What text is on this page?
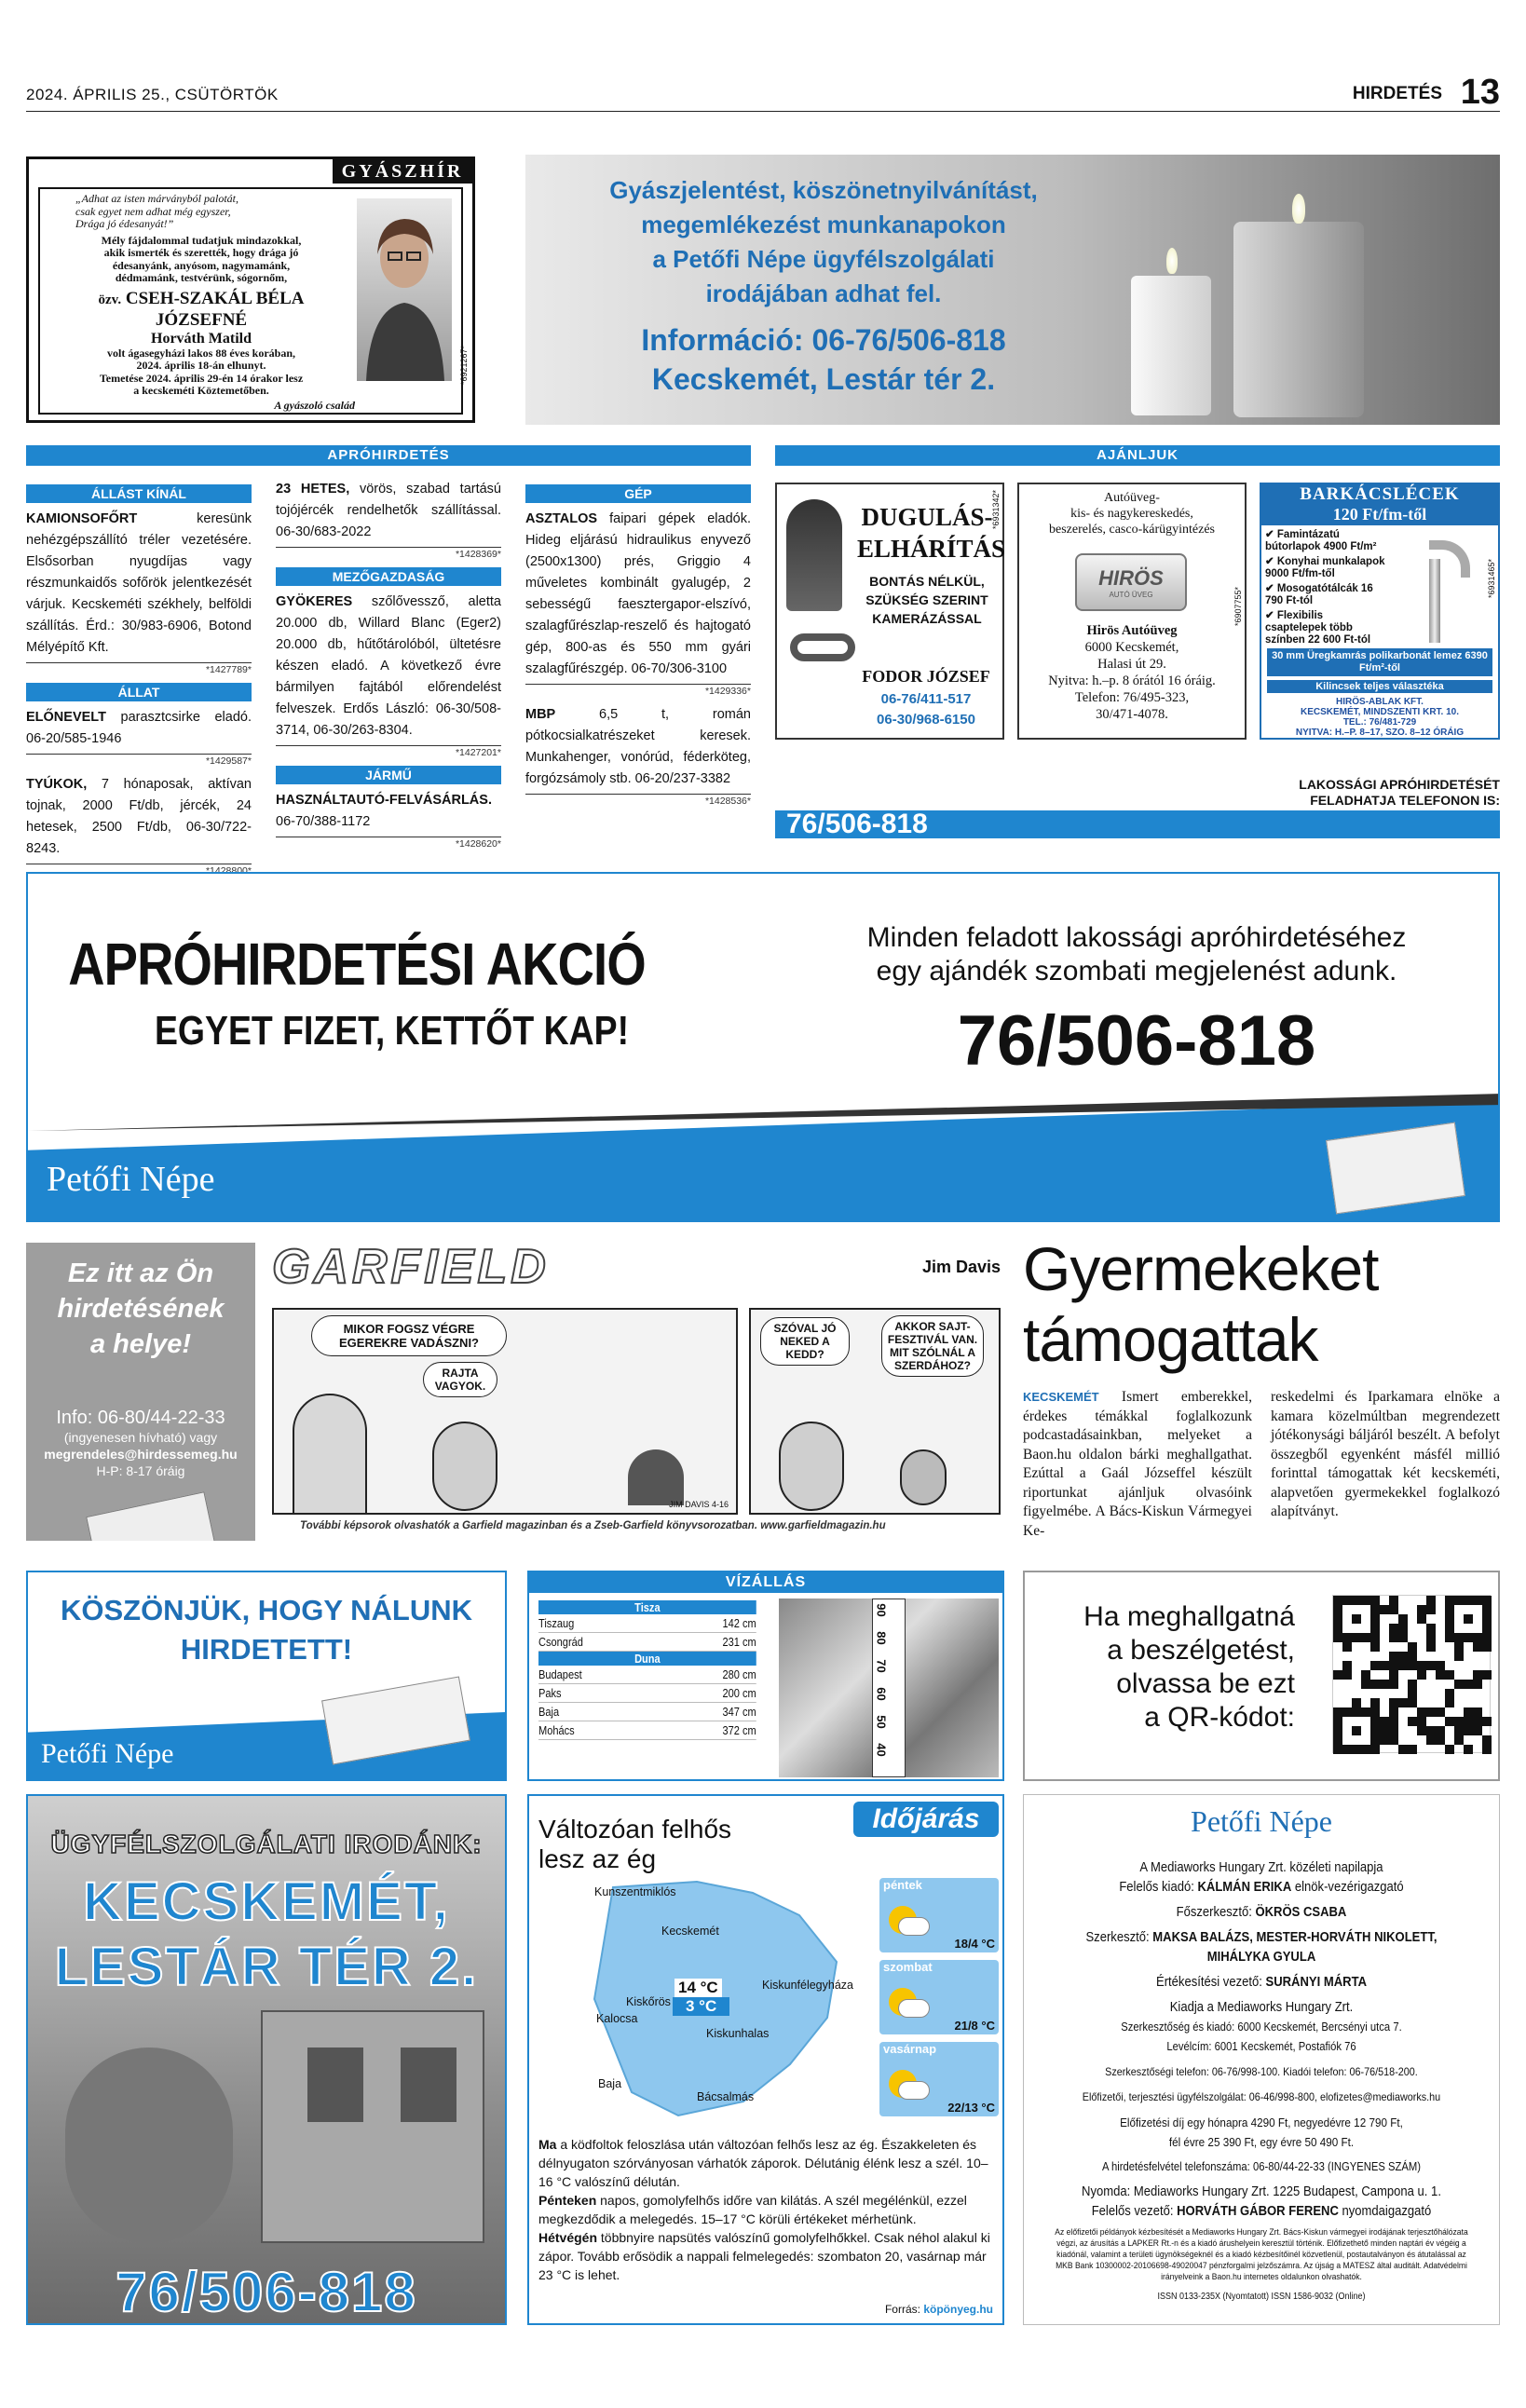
2024. ÁPRILIS 25., CSÜTÖRTÖK	HIRDETÉS 13
GYÁSZHÍR
„Adhat az isten márványból palotát,
csak egyet nem adhat még egyszer,
Drága jó édesanyát!”
Mély fájdalommal tudatjuk mindazokkal,
akik ismerték és szerették, hogy drága jó
édesanyánk, anyósom, nagymamánk,
dédmamánk, testvérünk, sógornőm,
özv. CSEH-SZAKÁL BÉLA
JÓZSEFNÉ
Horváth Matild
volt ágasegyházi lakos 88 éves korában,
2024. április 18-án elhunyt.
Temetése 2024. április 29-én 14 órakor lesz
a kecskeméti Köztemetőben.
A gyászoló család
*6921267*
Gyászjelentést, köszönetnyilvánítást,
megemlékezést munkanapokon
a Petőfi Népe ügyfélszolgálati
irodájában adhat fel.
Információ: 06-76/506-818
Kecskemét, Lestár tér 2.
APRÓHIRDETÉS	AJÁNLJUK
ÁLLÁST KÍNÁL
KAMIONSOFŐRT keresünk nehézgépszállító tréler vezetésére. Elsősorban nyugdíjas vagy részmunkaidős sofőrök jelentkezését várjuk. Kecskeméti székhely, belföldi szállítás. Érd.: 30/983-6906, Botond Mélyépítő Kft.
*1427789*
ÁLLAT
ELŐNEVELT parasztcsirke eladó. 06-20/585-1946
*1429587*
TYÚKOK, 7 hónaposak, aktívan tojnak, 2000 Ft/db, jércék, 24 hetesek, 2500 Ft/db, 06-30/722-8243.
*1428800*
23 HETES, vörös, szabad tartású tojójércék rendelhetők szállítással. 06-30/683-2022
*1428369*
MEZŐGAZDASÁG
GYÖKERES szőlővessző, aletta 20.000 db, Willard Blanc (Eger2) 20.000 db, hűtőtárolóból, ültetésre készen eladó. A következő évre bármilyen fajtából előrendelést felveszek. Erdős László: 06-30/508-3714, 06-30/263-8304.
*1427201*
JÁRMŰ
HASZNÁLTAUTÓ-FELVÁSÁRLÁS. 06-70/388-1172
*1428620*
GÉP
ASZTALOS faipari gépek eladók. Hideg eljárású hidraulikus enyvező (2500x1300) prés, Griggio 4 műveletes kombinált gyalugép, 2 sebességű faesztergapor-elszívó, szalagfűrészlap-reszelő és hajtogató gép, 800-as és 550 mm gyári szalagfűrészgép. 06-70/306-3100
*1429336*
MBP 6,5 t, román pótkocsialkatrészeket keresek. Munkahenger, vonórúd, féderköteg, forgózsámoly stb. 06-20/237-3382
*1428536*
DUGULÁS-
ELHÁRÍTÁS
BONTÁS NÉLKÜL,
SZÜKSÉG SZERINT
KAMERÁZÁSSAL
FODOR JÓZSEF
06-76/411-517
06-30/968-6150
*6931342*	Autóüveg-
kis- és nagykereskedés,
beszerelés, casco-kárügyintézés
HIRÖS
AUTÓ ÜVEG
Hirös Autóüveg
6000 Kecskemét,
Halasi út 29.
Nyitva: h.–p. 8 órától 16 óráig.
Telefon: 76/495-323,
30/471-4078.
*6907755*
BARKÁCSLÉCEK
120 Ft/fm-től
✔ Famintázatú bútorlapok 4900 Ft/m²
✔ Konyhai munkalapok 9000 Ft/fm-től
✔ Mosogatótálcák 16 790 Ft-tól
✔ Flexibilis csaptelepek több színben 22 600 Ft-tól
30 mm Üregkamrás polikarbonát lemez 6390 Ft/m²-től
Kilincsek teljes választéka
HIRÖS-ABLAK KFT.
KECSKEMÉT, MINDSZENTI KRT. 10.
TEL.: 76/481-729
NYITVA: H.–P. 8–17, SZO. 8–12 ÓRÁIG
*6931465*
LAKOSSÁGI APRÓHIRDETÉSÉT
FELADHATJA TELEFONON IS:
76/506-818
APRÓHIRDETÉSI AKCIÓ
EGYET FIZET, KETTŐT KAP!
Minden feladott lakossági apróhirdetéséhez
egy ajándék szombati megjelenést adunk.
76/506-818
Petőfi Népe
Ez itt az Ön
hirdetésének
a helye!
Info: 06-80/44-22-33
(ingyenesen hívható) vagy
megrendeles@hirdessemeg.hu
H-P: 8-17 óráig
GARFIELD	Jim Davis
MIKOR FOGSZ VÉGRE EGEREKRE VADÁSZNI?
RAJTA VAGYOK.
JIM DAVIS 4-16
SZÓVAL JÓ NEKED A KEDD?
AKKOR SAJT-FESZTIVÁL VAN. MIT SZÓLNÁL A SZERDÁHOZ?
További képsorok olvashatók a Garfield magazinban és a Zseb-Garfield könyvsorozatban. www.garfieldmagazin.hu
Gyermekeket
támogattak
KECSKEMÉT Ismert emberekkel, érdekes témákkal foglalkozunk podcastadásainkban, melyeket a Baon.hu oldalon bárki meghallgathat. Ezúttal a Gaál Józseffel készült riportunkat ajánljuk olvasóink figyelmébe. A Bács-Kiskun Vármegyei Ke-
reskedelmi és Iparkamara elnöke a kamara közelmúltban megrendezett jótékonysági báljáról beszélt. A befolyt összegből egyenként másfél millió forinttal támogattak két kecskeméti, alapvetően gyermekekkel foglalkozó alapítványt.
KÖSZÖNJÜK, HOGY NÁLUNK
HIRDETETT!
Petőfi Népe
VÍZÁLLÁS
Tisza
Tiszaug	142 cm
Csongrád	231 cm
Duna
Budapest	280 cm
Paks	200 cm
Baja	347 cm
Mohács	372 cm
90
80
70
60
50
40
Ha meghallgatná
a beszélgetést,
olvassa be ezt
a QR-kódot:
ÜGYFÉLSZOLGÁLATI IRODÁNK:
KECSKEMÉT,
LESTÁR TÉR 2.
76/506-818
Változóan felhős
lesz az ég
Időjárás
Kunszentmiklós
Kecskemét
Kiskunfélegyháza
Kiskőrös
Kalocsa
Kiskunhalas
Baja
Bácsalmás
14 °C
3 °C
péntek
18/4 °C
szombat
21/8 °C
vasárnap
22/13 °C
Ma a ködfoltok feloszlása után változóan felhős lesz az ég. Északkeleten és délnyugaton szórványosan várhatók záporok. Délutánig élénk lesz a szél. 10–16 °C valószínű délután.
Pénteken napos, gomolyfelhős időre van kilátás. A szél megélénkül, ezzel megkezdődik a melegedés. 15–17 °C körüli értékeket mérhetünk.
Hétvégén többnyire napsütés valószínű gomolyfelhőkkel. Csak néhol alakul ki zápor. Tovább erősödik a nappali felmelegedés: szombaton 20, vasárnap már 23 °C is lehet.
Forrás: köpönyeg.hu
Petőfi Népe
A Mediaworks Hungary Zrt. közéleti napilapja
Felelős kiadó: KÁLMÁN ERIKA elnök-vezérigazgató
Főszerkesztő: ÖKRÖS CSABA
Szerkesztő: MAKSA BALÁZS, MESTER-HORVÁTH NIKOLETT,
MIHÁLYKA GYULA
Értékesítési vezető: SURÁNYI MÁRTA
Kiadja a Mediaworks Hungary Zrt.
Szerkesztőség és kiadó: 6000 Kecskemét, Bercsényi utca 7.
Levélcím: 6001 Kecskemét, Postafiók 76
Szerkesztőségi telefon: 06-76/998-100. Kiadói telefon: 06-76/518-200.
Előfizetői, terjesztési ügyfélszolgálat: 06-46/998-800, elofizetes@mediaworks.hu
Előfizetési díj egy hónapra 4290 Ft, negyedévre 12 790 Ft,
fél évre 25 390 Ft, egy évre 50 490 Ft.
A hirdetésfelvétel telefonszáma: 06-80/44-22-33 (INGYENES SZÁM)
Nyomda: Mediaworks Hungary Zrt. 1225 Budapest, Campona u. 1.
Felelős vezető: HORVÁTH GÁBOR FERENC nyomdaigazgató
Az előfizetői példányok kézbesítését a Mediaworks Hungary Zrt. Bács-Kiskun vármegyei irodájának terjesztőhálózata végzi, az árusítás a LAPKER Rt.-n és a kiadó árushelyein keresztül történik. Előfizethető minden naptári év végéig a kiadónál, valamint a területi ügynökségeknél és a kiadó kézbesítőinél közvetlenül, postautalványon és átutalással az MKB Bank 10300002-20106698-49020047 pénzforgalmi jelzőszámra. Az újság a MATESZ által auditált. Adatvédelmi irányelveink a Baon.hu internetes oldalunkon olvashatók.
ISSN 0133-235X (Nyomtatott) ISSN 1586-9032 (Online)
